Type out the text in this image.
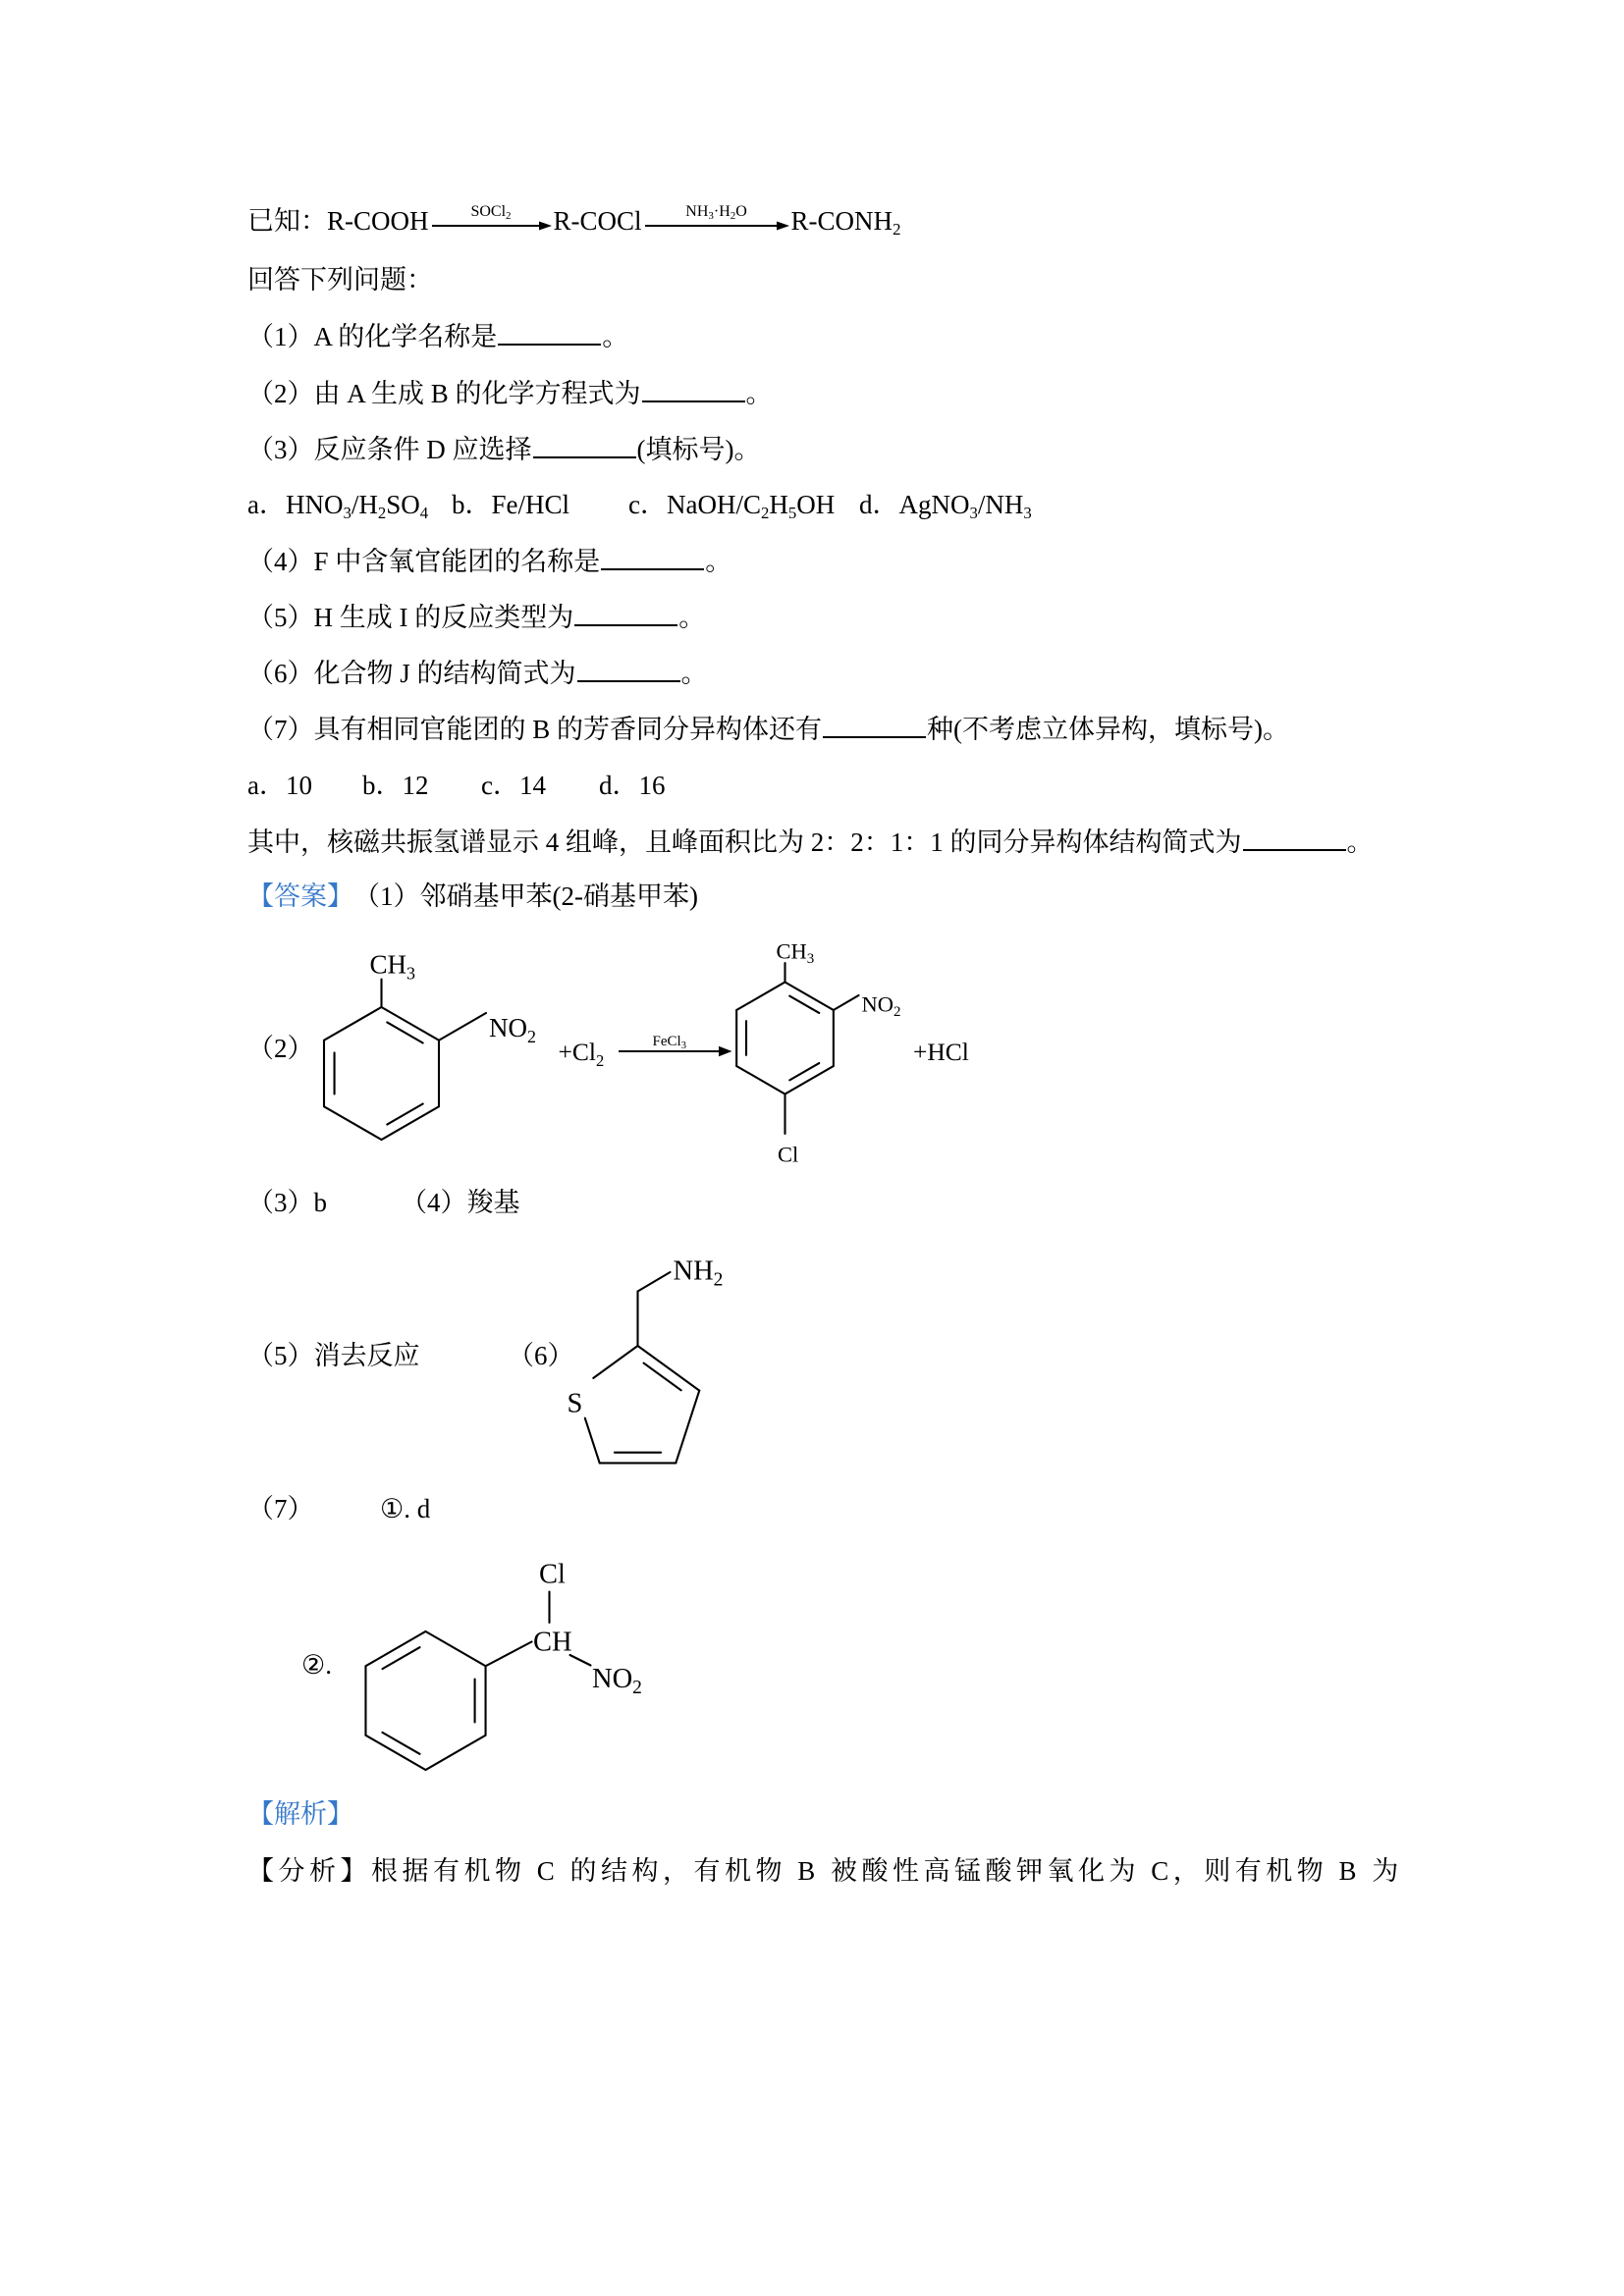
已知：R-COOH	SOCl$_2$	R-COCl	$NH_3\cdot H_2O$	$R-CONH_2$
回答下列问题：
（1）A 的化学名称是	。
（2）由 A 生成 B 的化学方程式为	。
（3）反应条件 D 应选择	(填标号)。
a．$HNO_3/H_2SO_4$ b．Fe/HCl c．NaOH/$C_2H_5OH$ d．$AgNO_3/NH_3$
（4）F 中含氧官能团的名称是	。
（5）H 生成 I 的反应类型为	。
（6）化合物 J 的结构简式为	。
（7）具有相同官能团的 B 的芳香同分异构体还有	种(不考虑立体异构，填标号)。
a．10 b．12 c．14 d．16
其中，核磁共振氢谱显示 4 组峰，且峰面积比为 2：2：1：1 的同分异构体结构简式为	。
【答案】 （1）邻硝基甲苯(2-硝基甲苯)
（2）
$CH_3$
$NO_2$
$+Cl_2$
FeCl$_3$
$CH_3$
$NO_2$
Cl
+HCl
（3）b	（4）羧基
（5）消去反应	（6）
S
$NH_2$
（7）	①. d
②.
Cl
CH
$NO_2$
【解析】
【分析】根据有机物 C 的结构，有机物 B 被酸性高锰酸钾氧化为 C，则有机物 B 为
